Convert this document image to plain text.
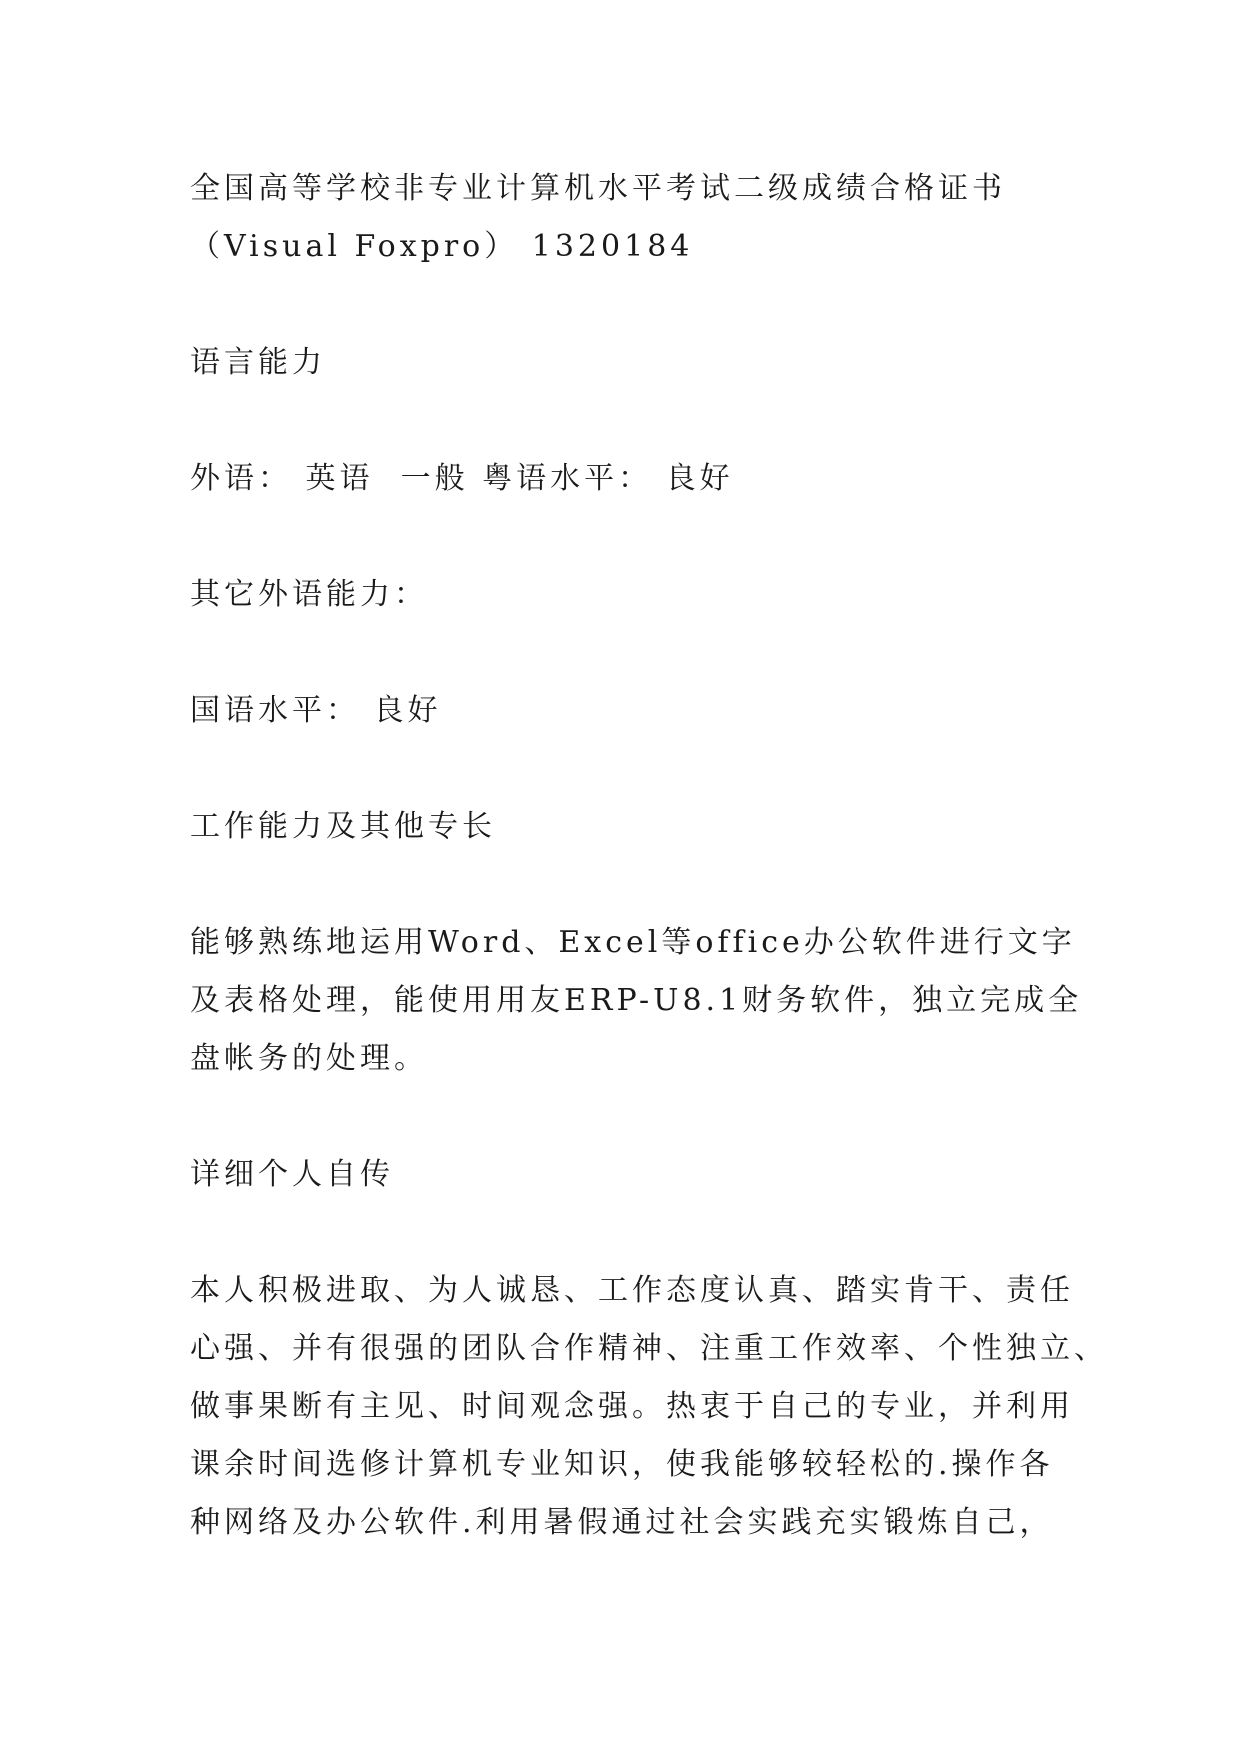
全国高等学校非专业计算机水平考试二级成绩合格证书
（Visual Foxpro） 1320184

语言能力

外语： 英语  一般 粤语水平： 良好

其它外语能力：

国语水平： 良好

工作能力及其他专长

能够熟练地运用Word、Excel等office办公软件进行文字
及表格处理，能使用用友ERP-U8.1财务软件，独立完成全
盘帐务的处理。

详细个人自传

本人积极进取、为人诚恳、工作态度认真、踏实肯干、责任
心强、并有很强的团队合作精神、注重工作效率、个性独立、
做事果断有主见、时间观念强。热衷于自己的专业，并利用
课余时间选修计算机专业知识，使我能够较轻松的.操作各
种网络及办公软件.利用暑假通过社会实践充实锻炼自己，
